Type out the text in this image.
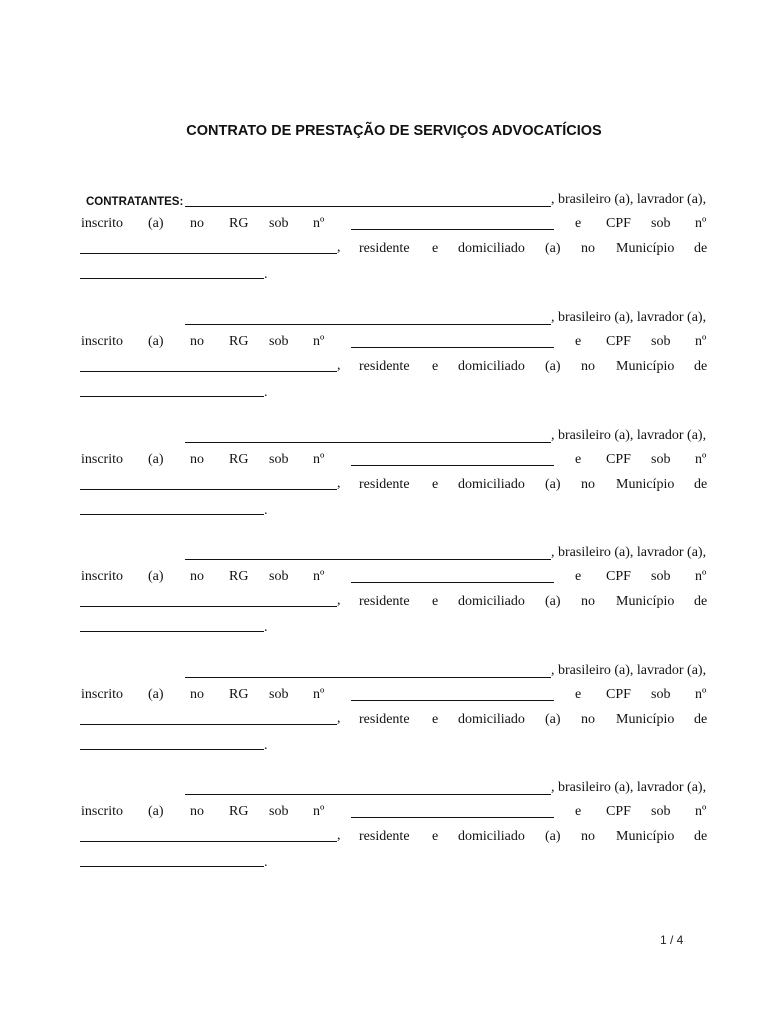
CONTRATO DE PRESTAÇÃO DE SERVIÇOS ADVOCATÍCIOS
CONTRATANTES:	, brasileiro (a), lavrador (a),
inscrito (a) no RG sob nº	e CPF sob nº
, residente e domiciliado (a) no Município de
.
, brasileiro (a), lavrador (a),
inscrito (a) no RG sob nº	e CPF sob nº
, residente e domiciliado (a) no Município de
.
, brasileiro (a), lavrador (a),
inscrito (a) no RG sob nº	e CPF sob nº
, residente e domiciliado (a) no Município de
.
, brasileiro (a), lavrador (a),
inscrito (a) no RG sob nº	e CPF sob nº
, residente e domiciliado (a) no Município de
.
, brasileiro (a), lavrador (a),
inscrito (a) no RG sob nº	e CPF sob nº
, residente e domiciliado (a) no Município de
.
, brasileiro (a), lavrador (a),
inscrito (a) no RG sob nº	e CPF sob nº
, residente e domiciliado (a) no Município de
.
1 / 4
